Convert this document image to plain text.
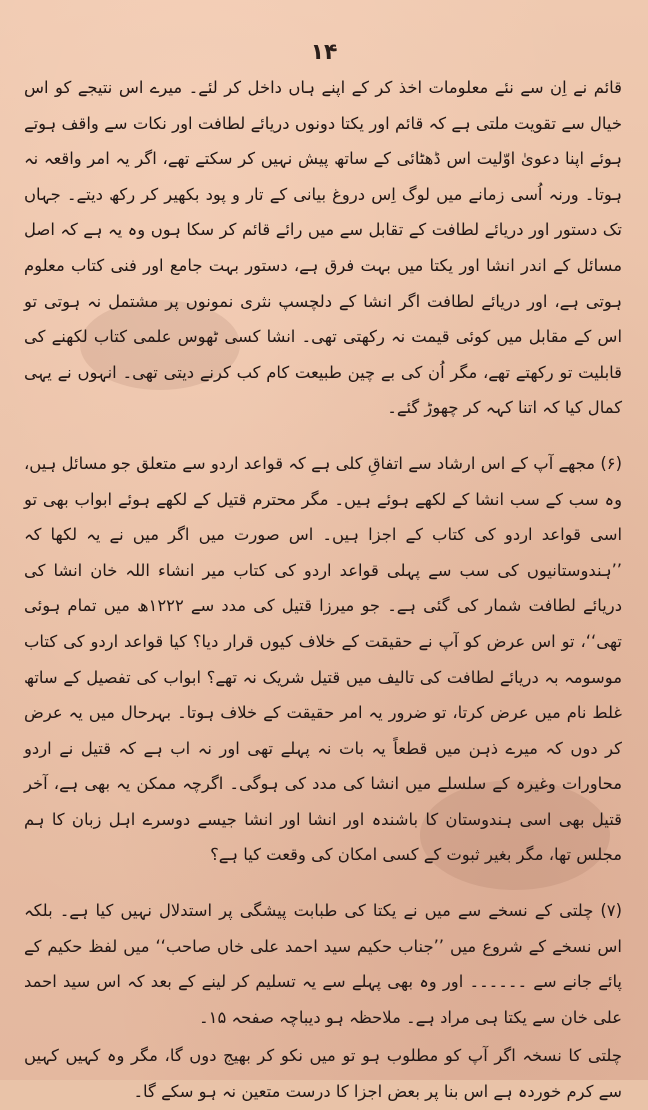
۱۴

قائم نے اِن سے نئے معلومات اخذ کر کے اپنے ہاں داخل کر لئے۔ میرے اس نتیجے کو اس خیال سے تقویت ملتی ہے کہ قائم اور یکتا دونوں دریائے لطافت اور نکات سے واقف ہوتے ہوئے اپنا دعویٰ اوّلیت اس ڈھٹائی کے ساتھ پیش نہیں کر سکتے تھے، اگر یہ امر واقعہ نہ ہوتا۔ ورنہ اُسی زمانے میں لوگ اِس دروغ بیانی کے تار و پود بکھیر کر رکھ دیتے۔ جہاں تک دستور اور دریائے لطافت کے تقابل سے میں رائے قائم کر سکا ہوں وہ یہ ہے کہ اصل مسائل کے اندر انشا اور یکتا میں بہت فرق ہے، دستور بہت جامع اور فنی کتاب معلوم ہوتی ہے، اور دریائے لطافت اگر انشا کے دلچسپ نثری نمونوں پر مشتمل نہ ہوتی تو اس کے مقابل میں کوئی قیمت نہ رکھتی تھی۔ انشا کسی ٹھوس علمی کتاب لکھنے کی قابلیت تو رکھتے تھے، مگر اُن کی بے چین طبیعت کام کب کرنے دیتی تھی۔ انہوں نے یہی کمال کیا کہ اتنا کہہ کر چھوڑ گئے۔

(۶) مجھے آپ کے اس ارشاد سے اتفاقِ کلی ہے کہ قواعد اردو سے متعلق جو مسائل ہیں، وہ سب کے سب انشا کے لکھے ہوئے ہیں۔ مگر محترم قتیل کے لکھے ہوئے ابواب بھی تو اسی قواعد اردو کی کتاب کے اجزا ہیں۔ اس صورت میں اگر میں نے یہ لکھا کہ ’’ہندوستانیوں کی سب سے پہلی قواعد اردو کی کتاب میر انشاء اللہ خان انشا کی دریائے لطافت شمار کی گئی ہے۔ جو میرزا قتیل کی مدد سے ۱۲۲۲ھ میں تمام ہوئی تھی‘‘، تو اس عرض کو آپ نے حقیقت کے خلاف کیوں قرار دیا؟ کیا قواعد اردو کی کتاب موسومہ بہ دریائے لطافت کی تالیف میں قتیل شریک نہ تھے؟ ابواب کی تفصیل کے ساتھ غلط نام میں عرض کرتا، تو ضرور یہ امر حقیقت کے خلاف ہوتا۔ بہرحال میں یہ عرض کر دوں کہ میرے ذہن میں قطعاً یہ بات نہ پہلے تھی اور نہ اب ہے کہ قتیل نے اردو محاورات وغیرہ کے سلسلے میں انشا کی مدد کی ہوگی۔ اگرچہ ممکن یہ بھی ہے، آخر قتیل بھی اسی ہندوستان کا باشندہ اور انشا اور انشا جیسے دوسرے اہل زبان کا ہم مجلس تھا، مگر بغیر ثبوت کے کسی امکان کی وقعت کیا ہے؟

(۷) چلتی کے نسخے سے میں نے یکتا کی طبابت پیشگی پر استدلال نہیں کیا ہے۔ بلکہ اس نسخے کے شروع میں ’’جناب حکیم سید احمد علی خاں صاحب‘‘ میں لفظ حکیم کے پائے جانے سے ۔۔۔۔۔۔ اور وہ بھی پہلے سے یہ تسلیم کر لینے کے بعد کہ اس سید احمد علی خان سے یکتا ہی مراد ہے۔ ملاحظہ ہو دیباچہ صفحہ ۱۵۔

چلتی کا نسخہ اگر آپ کو مطلوب ہو تو میں نکو کر بھیج دوں گا، مگر وہ کہیں کہیں سے کرم خوردہ ہے اس بنا پر بعض اجزا کا درست متعین نہ ہو سکے گا۔
